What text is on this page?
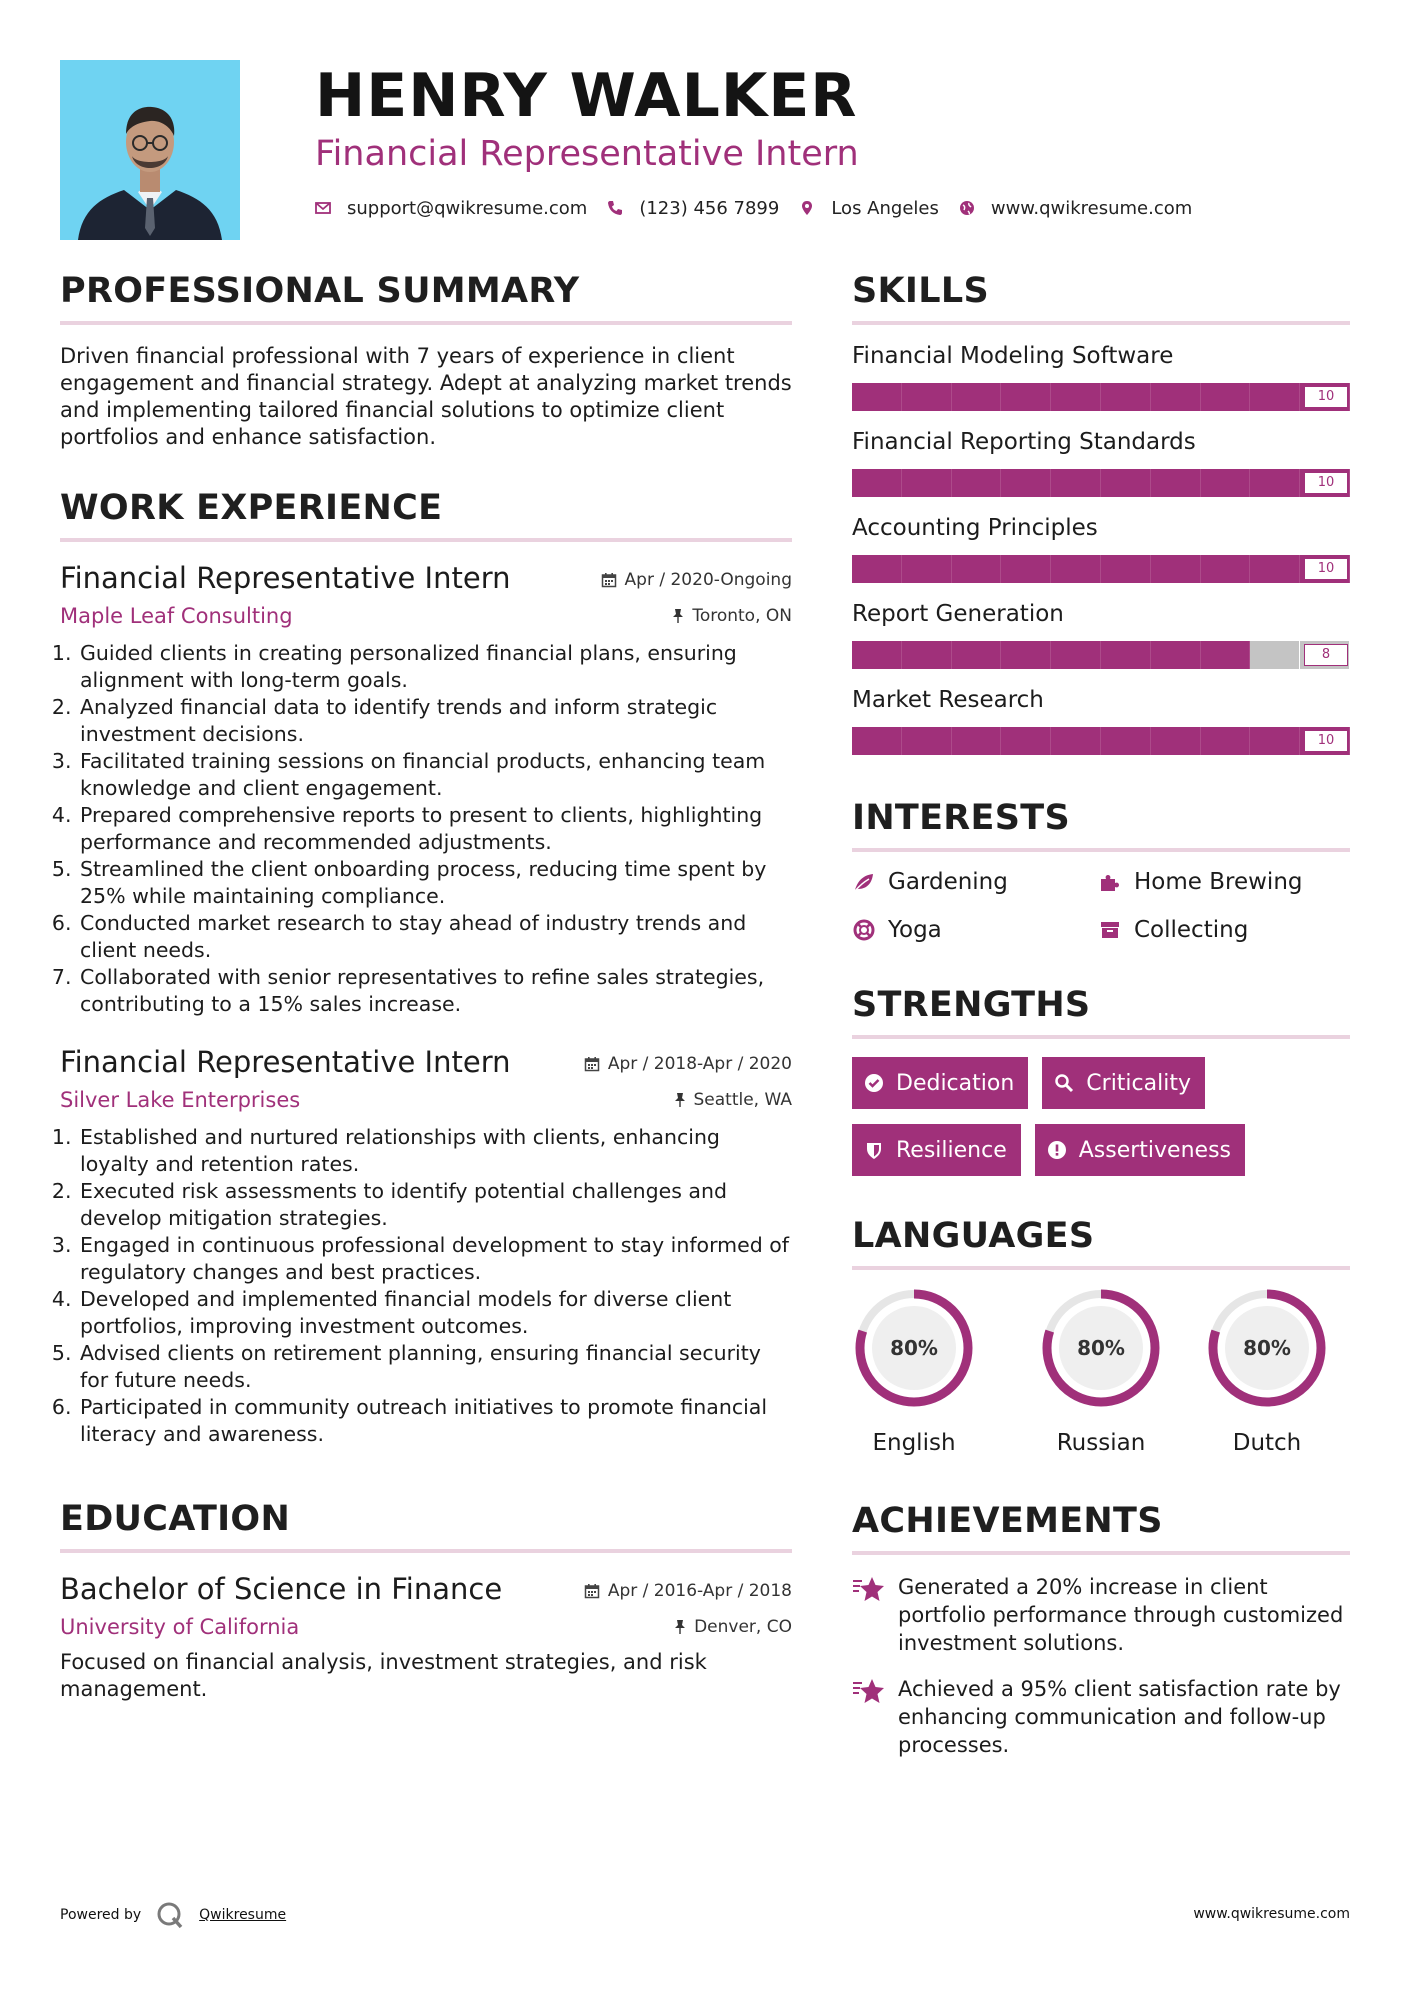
HENRY WALKER
Financial Representative Intern
support@qwikresume.com	(123) 456 7899	Los Angeles	www.qwikresume.com
PROFESSIONAL SUMMARY
Driven financial professional with 7 years of experience in client engagement and financial strategy. Adept at analyzing market trends and implementing tailored financial solutions to optimize client portfolios and enhance satisfaction.
WORK EXPERIENCE
Financial Representative Intern	Apr / 2020-Ongoing
Maple Leaf Consulting	Toronto, ON
1. Guided clients in creating personalized financial plans, ensuring alignment with long-term goals.
2. Analyzed financial data to identify trends and inform strategic investment decisions.
3. Facilitated training sessions on financial products, enhancing team knowledge and client engagement.
4. Prepared comprehensive reports to present to clients, highlighting performance and recommended adjustments.
5. Streamlined the client onboarding process, reducing time spent by 25% while maintaining compliance.
6. Conducted market research to stay ahead of industry trends and client needs.
7. Collaborated with senior representatives to refine sales strategies, contributing to a 15% sales increase.
Financial Representative Intern	Apr / 2018-Apr / 2020
Silver Lake Enterprises	Seattle, WA
1. Established and nurtured relationships with clients, enhancing loyalty and retention rates.
2. Executed risk assessments to identify potential challenges and develop mitigation strategies.
3. Engaged in continuous professional development to stay informed of regulatory changes and best practices.
4. Developed and implemented financial models for diverse client portfolios, improving investment outcomes.
5. Advised clients on retirement planning, ensuring financial security for future needs.
6. Participated in community outreach initiatives to promote financial literacy and awareness.
EDUCATION
Bachelor of Science in Finance	Apr / 2016-Apr / 2018
University of California	Denver, CO
Focused on financial analysis, investment strategies, and risk management.
SKILLS
Financial Modeling Software
10
Financial Reporting Standards
10
Accounting Principles
10
Report Generation
8
Market Research
10
INTERESTS
Gardening	Home Brewing
Yoga	Collecting
STRENGTHS
Dedication	Criticality
Resilience	Assertiveness
LANGUAGES
80%
English
80%
Russian
80%
Dutch
ACHIEVEMENTS
Generated a 20% increase in client portfolio performance through customized investment solutions.
Achieved a 95% client satisfaction rate by enhancing communication and follow-up processes.
Powered by	Qwikresume	www.qwikresume.com
